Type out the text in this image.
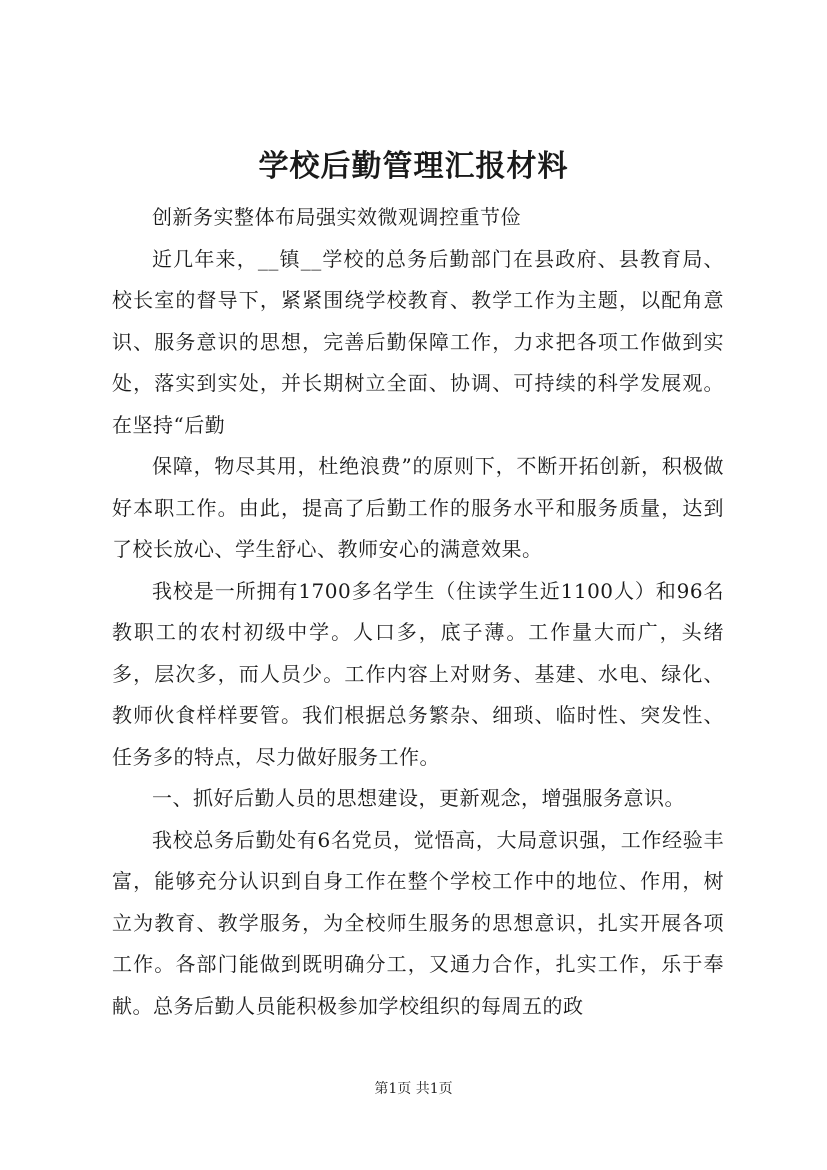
学校后勤管理汇报材料

创新务实整体布局强实效微观调控重节俭

近几年来，__镇__学校的总务后勤部门在县政府、县教育局、校长室的督导下，紧紧围绕学校教育、教学工作为主题，以配角意识、服务意识的思想，完善后勤保障工作，力求把各项工作做到实处，落实到实处，并长期树立全面、协调、可持续的科学发展观。在坚持“后勤

保障，物尽其用，杜绝浪费”的原则下，不断开拓创新，积极做好本职工作。由此，提高了后勤工作的服务水平和服务质量，达到了校长放心、学生舒心、教师安心的满意效果。

我校是一所拥有1700多名学生（住读学生近1100人）和96名教职工的农村初级中学。人口多，底子薄。工作量大而广，头绪多，层次多，而人员少。工作内容上对财务、基建、水电、绿化、教师伙食样样要管。我们根据总务繁杂、细琐、临时性、突发性、任务多的特点，尽力做好服务工作。

一、抓好后勤人员的思想建设，更新观念，增强服务意识。

我校总务后勤处有6名党员，觉悟高，大局意识强，工作经验丰富，能够充分认识到自身工作在整个学校工作中的地位、作用，树立为教育、教学服务，为全校师生服务的思想意识，扎实开展各项工作。各部门能做到既明确分工，又通力合作，扎实工作，乐于奉献。总务后勤人员能积极参加学校组织的每周五的政

第1页 共1页
